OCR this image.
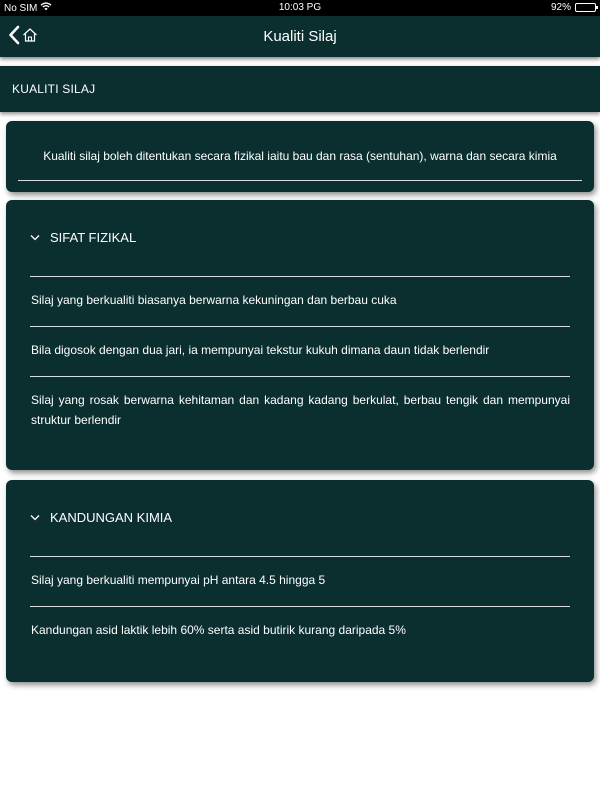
No SIM	10:03 PG	92%
Kualiti Silaj
KUALITI SILAJ
Kualiti silaj boleh ditentukan secara fizikal iaitu bau dan rasa (sentuhan), warna dan secara kimia
SIFAT FIZIKAL
Silaj yang berkualiti biasanya berwarna kekuningan dan berbau cuka
Bila digosok dengan dua jari, ia mempunyai tekstur kukuh dimana daun tidak berlendir
Silaj yang rosak berwarna kehitaman dan kadang kadang berkulat, berbau tengik dan mempunyai struktur berlendir
KANDUNGAN KIMIA
Silaj yang berkualiti mempunyai pH antara 4.5 hingga 5
Kandungan asid laktik lebih 60% serta asid butirik kurang daripada 5%
